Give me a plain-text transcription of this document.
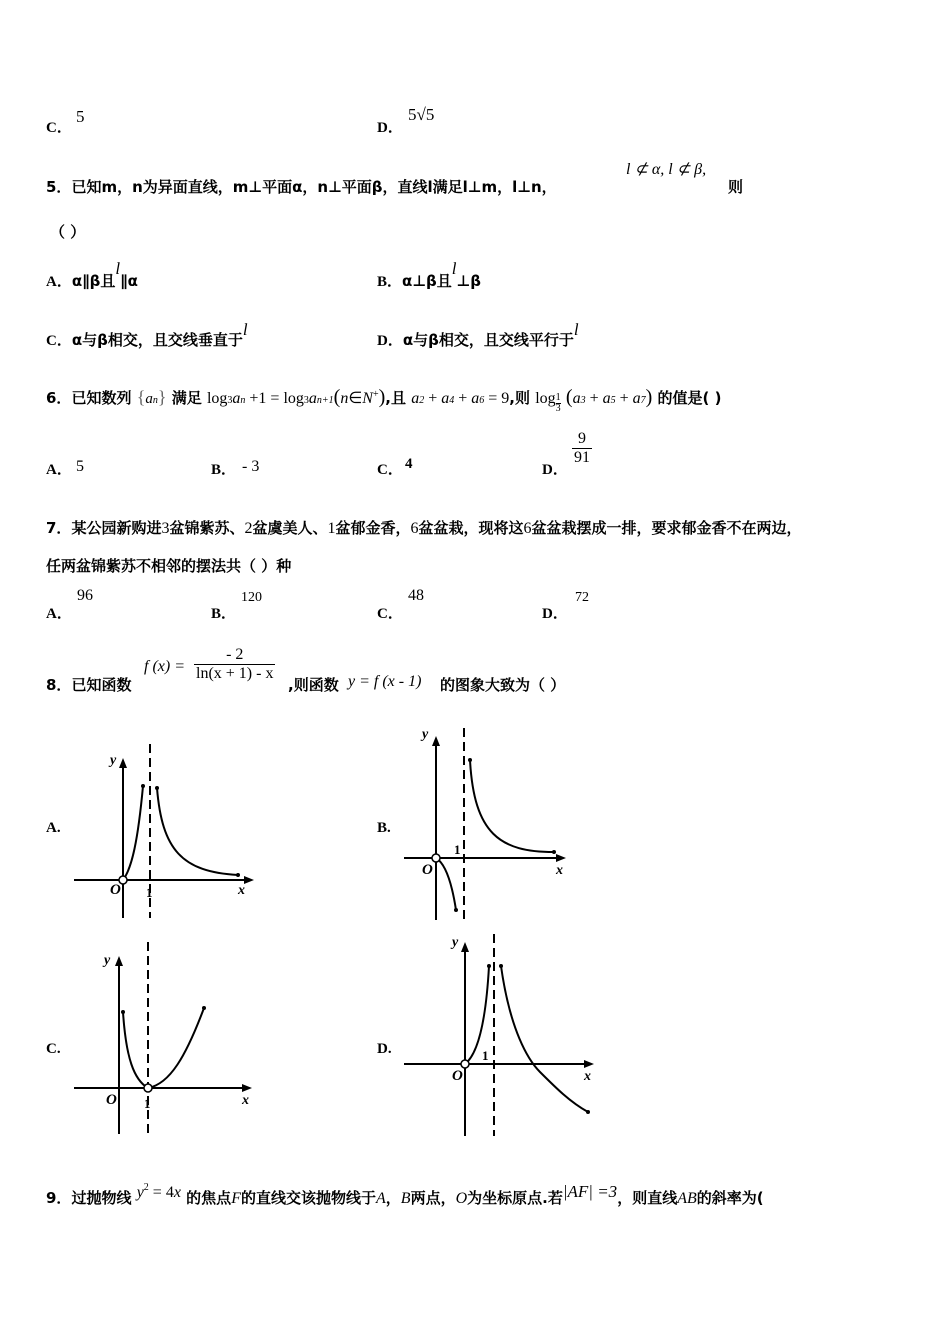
C．
5
D．
5√5
5．已知m，n为异面直线，m⊥平面α，n⊥平面β，直线l满足l⊥m，l⊥n，
l ⊄ α, l ⊄ β,
则
（ ）
A．α∥β且l∥α	B．α⊥β且l⊥β
C．α与β相交，且交线垂直于l
D．α与β相交，且交线平行于l
6．已知数列 {an} 满足 log3an +1 = log3an+1(n∈N+),且 a2 + a4 + a6 = 9,则 $\log \frac{1}{3} (a3 + a5 + a7)$ 的值是( )
A． 5	B． - 3	C． 4	D．
$\frac{9}{91}$
7．某公园新购进3盆锦紫苏、2盆虞美人、1盆郁金香，6盆盆栽，现将这6盆盆栽摆成一排，要求郁金香不在两边，
任两盆锦紫苏不相邻的摆法共（ ）种
A．
96
B．
120
C．
48
D．
72
8．已知函数
f $(x) = \frac{- 2}{\ln(x + 1) - x}$
,则函数 y = f (x - 1) 的图象大致为（ ）
A.	B.
C.	D.
O 1	x
y
O
1
x
y
O 1	x
y
O
1
x
y
9．过抛物线 $y^2 = 4x$ 的焦点F的直线交该抛物线于A，B两点，O为坐标原点.若|AF| =3，则直线AB的斜率为(
